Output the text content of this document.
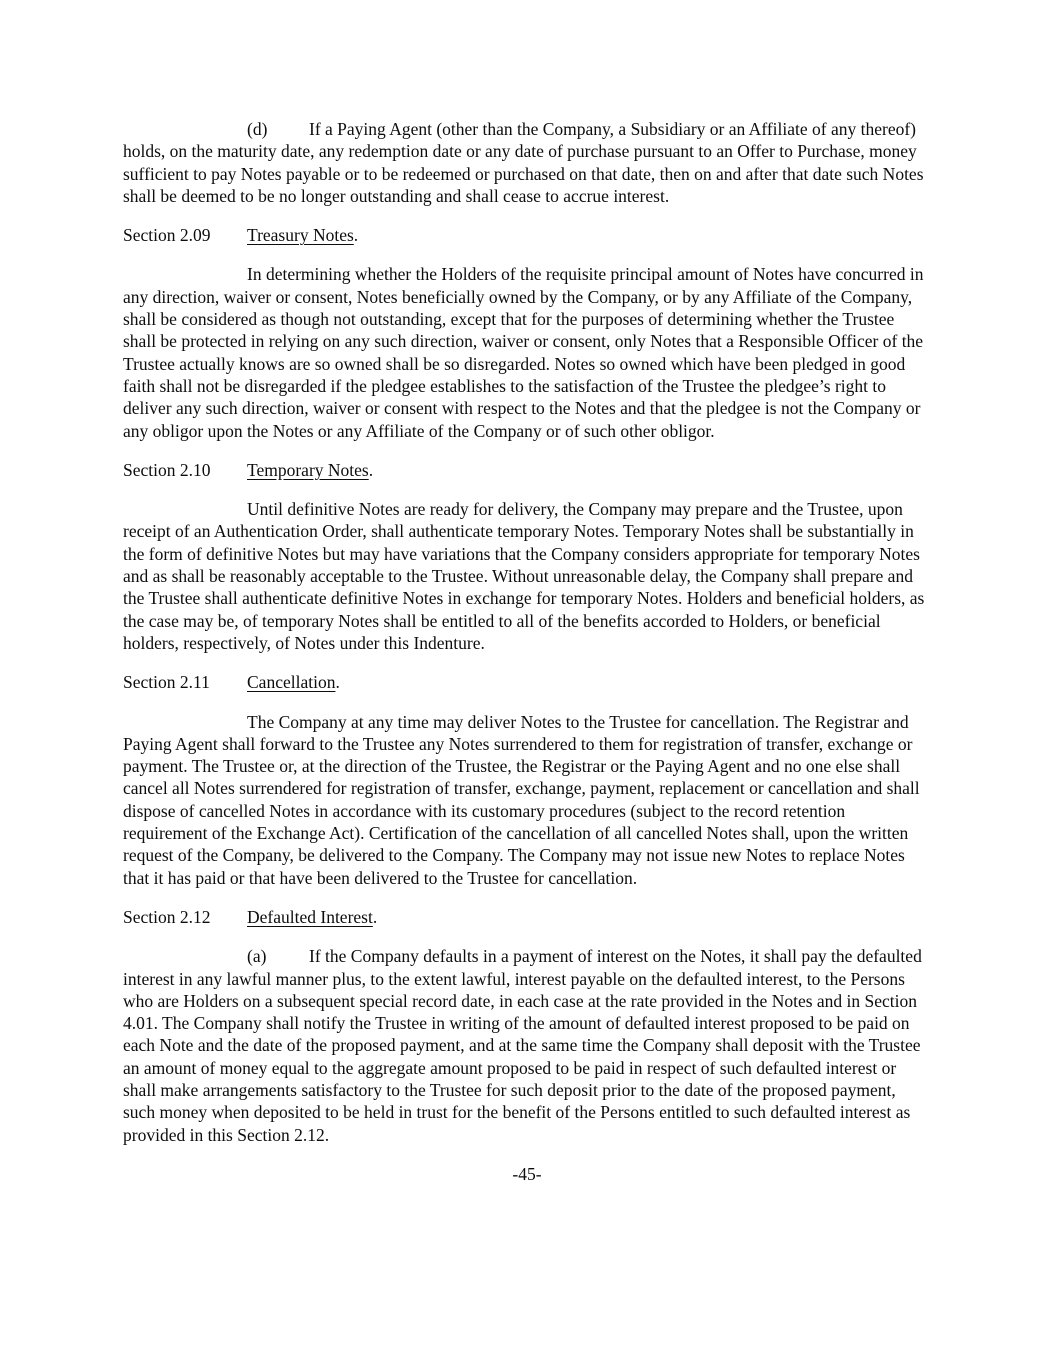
(d) If a Paying Agent (other than the Company, a Subsidiary or an Affiliate of any thereof) holds, on the maturity date, any redemption date or any date of purchase pursuant to an Offer to Purchase, money sufficient to pay Notes payable or to be redeemed or purchased on that date, then on and after that date such Notes shall be deemed to be no longer outstanding and shall cease to accrue interest.

Section 2.09 Treasury Notes.

In determining whether the Holders of the requisite principal amount of Notes have concurred in any direction, waiver or consent, Notes beneficially owned by the Company, or by any Affiliate of the Company, shall be considered as though not outstanding, except that for the purposes of determining whether the Trustee shall be protected in relying on any such direction, waiver or consent, only Notes that a Responsible Officer of the Trustee actually knows are so owned shall be so disregarded. Notes so owned which have been pledged in good faith shall not be disregarded if the pledgee establishes to the satisfaction of the Trustee the pledgee’s right to deliver any such direction, waiver or consent with respect to the Notes and that the pledgee is not the Company or any obligor upon the Notes or any Affiliate of the Company or of such other obligor.

Section 2.10 Temporary Notes.

Until definitive Notes are ready for delivery, the Company may prepare and the Trustee, upon receipt of an Authentication Order, shall authenticate temporary Notes. Temporary Notes shall be substantially in the form of definitive Notes but may have variations that the Company considers appropriate for temporary Notes and as shall be reasonably acceptable to the Trustee. Without unreasonable delay, the Company shall prepare and the Trustee shall authenticate definitive Notes in exchange for temporary Notes. Holders and beneficial holders, as the case may be, of temporary Notes shall be entitled to all of the benefits accorded to Holders, or beneficial holders, respectively, of Notes under this Indenture.

Section 2.11 Cancellation.

The Company at any time may deliver Notes to the Trustee for cancellation. The Registrar and Paying Agent shall forward to the Trustee any Notes surrendered to them for registration of transfer, exchange or payment. The Trustee or, at the direction of the Trustee, the Registrar or the Paying Agent and no one else shall cancel all Notes surrendered for registration of transfer, exchange, payment, replacement or cancellation and shall dispose of cancelled Notes in accordance with its customary procedures (subject to the record retention requirement of the Exchange Act). Certification of the cancellation of all cancelled Notes shall, upon the written request of the Company, be delivered to the Company. The Company may not issue new Notes to replace Notes that it has paid or that have been delivered to the Trustee for cancellation.

Section 2.12 Defaulted Interest.

(a) If the Company defaults in a payment of interest on the Notes, it shall pay the defaulted interest in any lawful manner plus, to the extent lawful, interest payable on the defaulted interest, to the Persons who are Holders on a subsequent special record date, in each case at the rate provided in the Notes and in Section 4.01. The Company shall notify the Trustee in writing of the amount of defaulted interest proposed to be paid on each Note and the date of the proposed payment, and at the same time the Company shall deposit with the Trustee an amount of money equal to the aggregate amount proposed to be paid in respect of such defaulted interest or shall make arrangements satisfactory to the Trustee for such deposit prior to the date of the proposed payment, such money when deposited to be held in trust for the benefit of the Persons entitled to such defaulted interest as provided in this Section 2.12.

-45-
